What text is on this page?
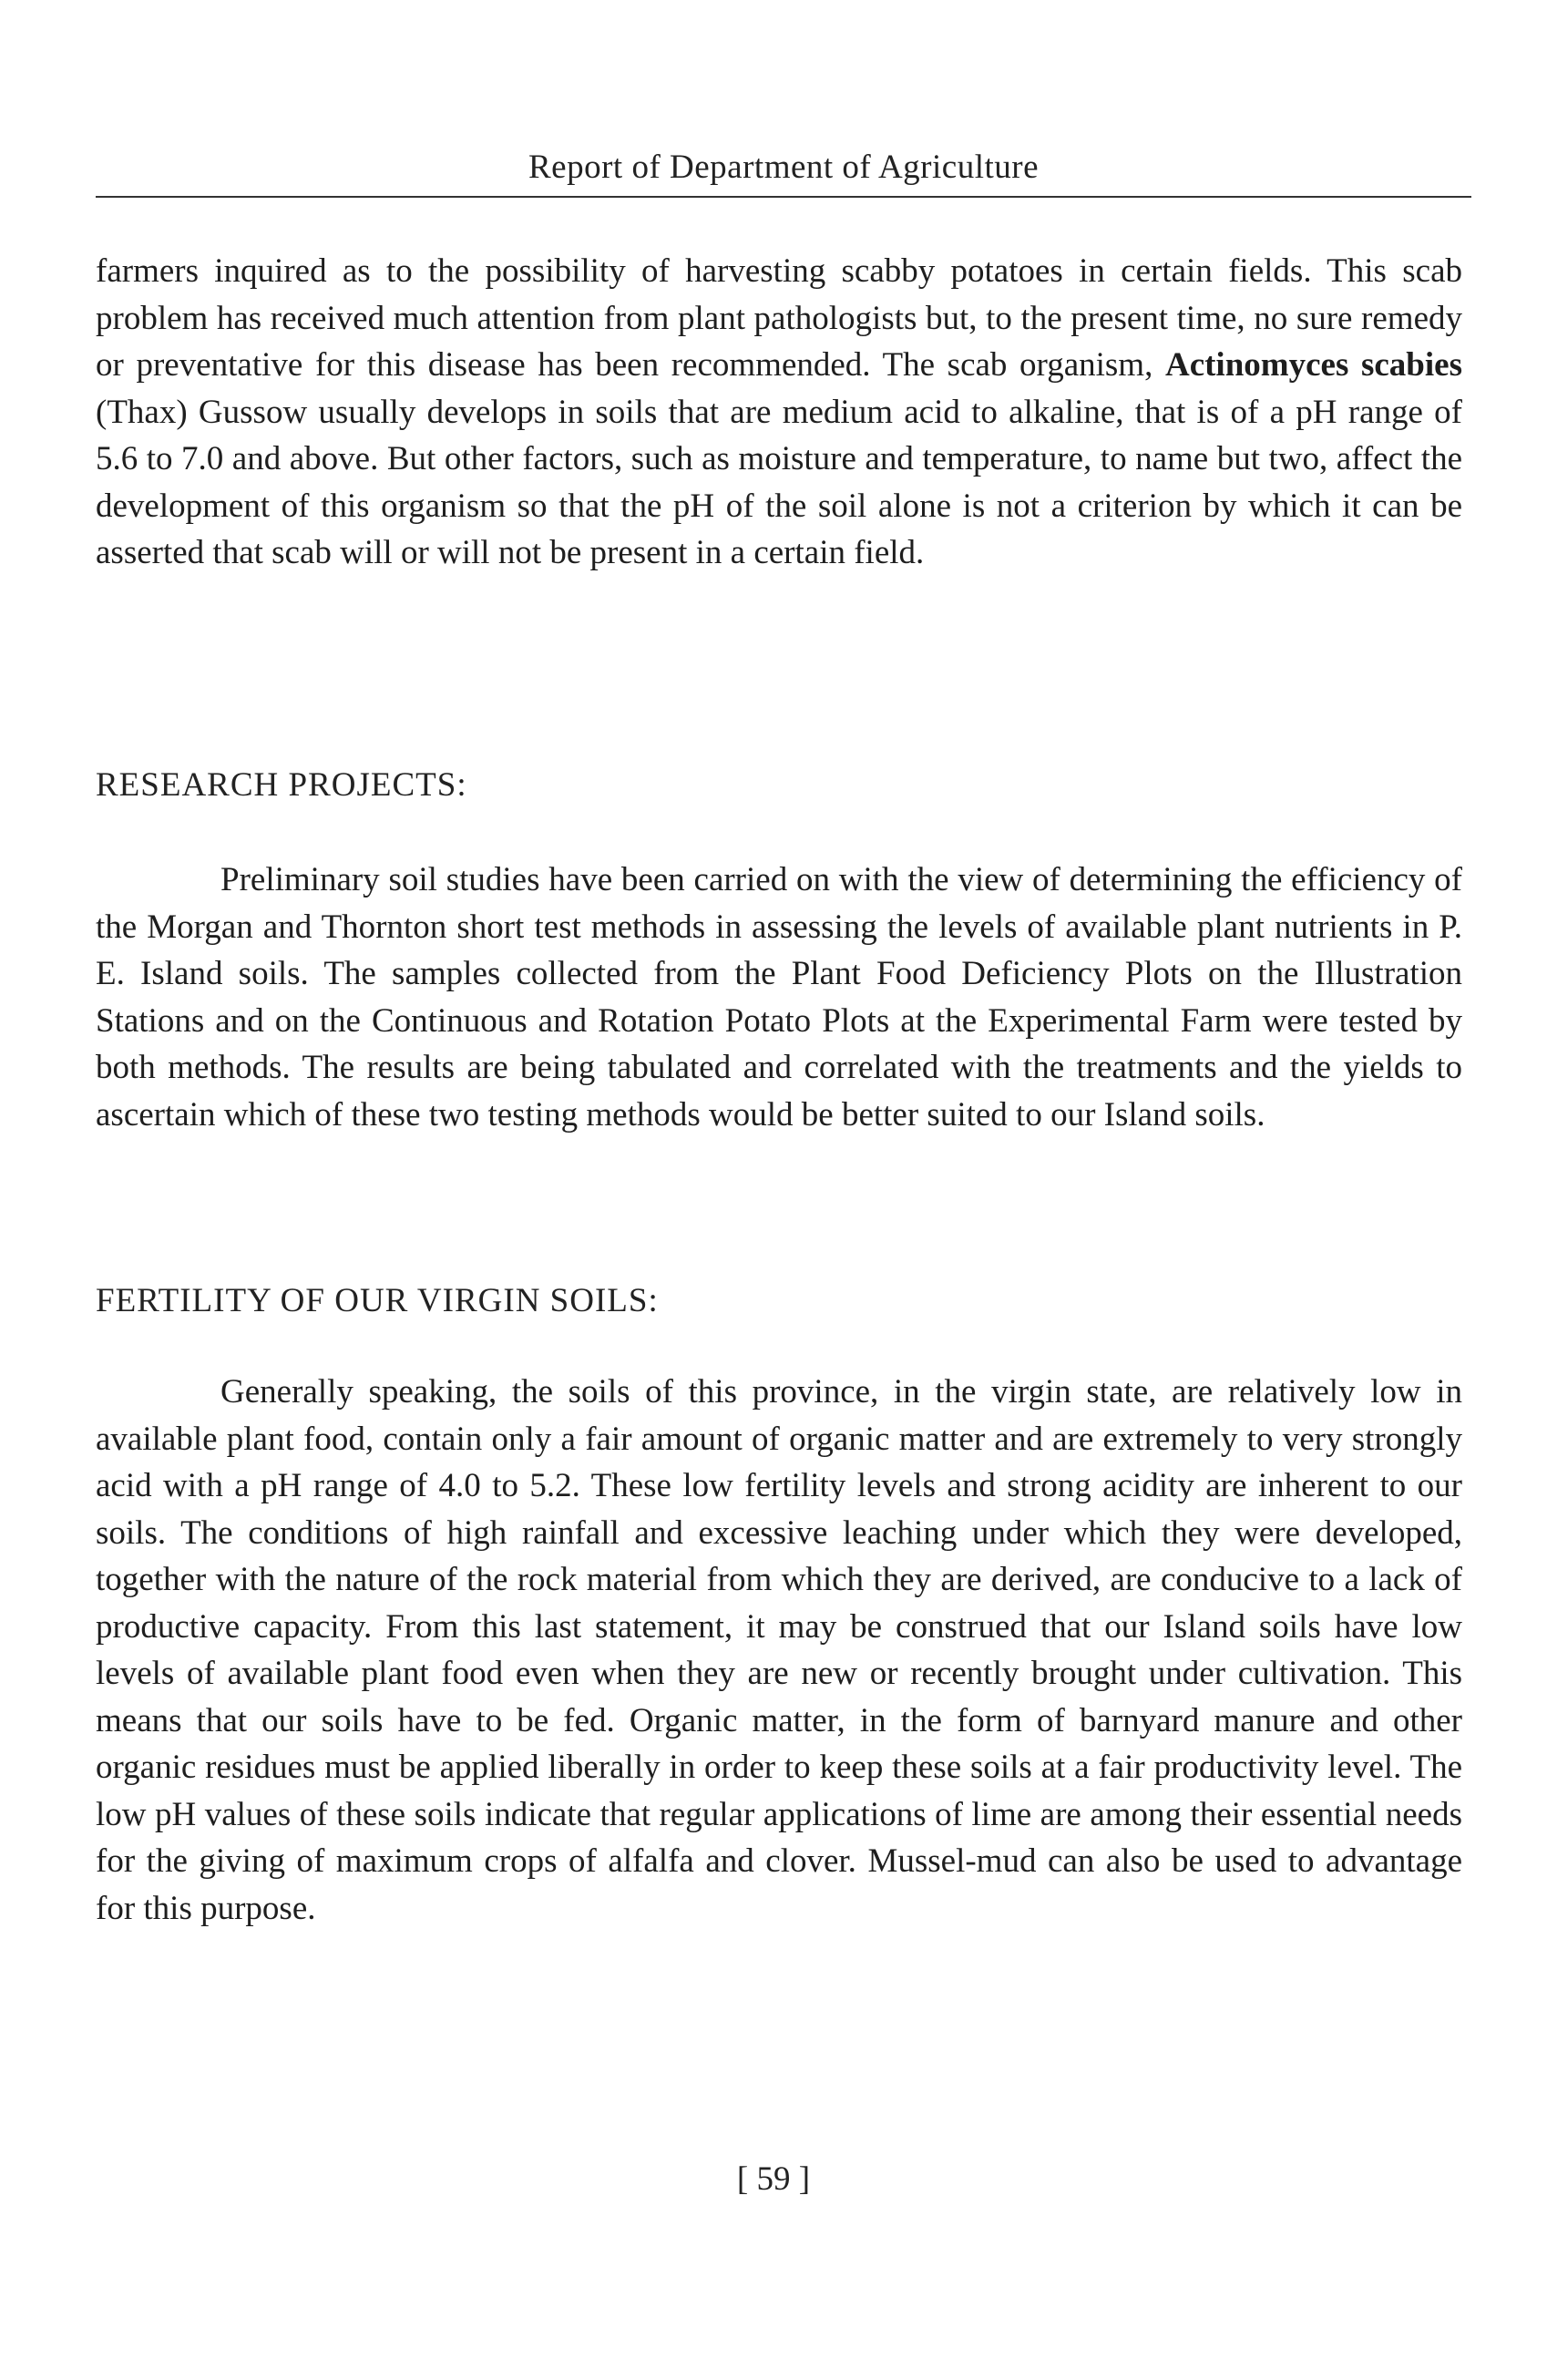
Report of Department of Agriculture

farmers inquired as to the possibility of harvesting scabby potatoes in certain fields. This scab problem has received much attention from plant pathologists but, to the present time, no sure remedy or preventative for this disease has been recommended. The scab organism, Actinomyces scabies (Thax) Gussow usually develops in soils that are medium acid to alkaline, that is of a pH range of 5.6 to 7.0 and above. But other factors, such as moisture and temperature, to name but two, affect the development of this organism so that the pH of the soil alone is not a criterion by which it can be asserted that scab will or will not be present in a certain field.

RESEARCH PROJECTS:

Preliminary soil studies have been carried on with the view of determining the efficiency of the Morgan and Thornton short test methods in assessing the levels of available plant nutrients in P. E. Island soils. The samples collected from the Plant Food Deficiency Plots on the Illustration Stations and on the Continuous and Rotation Potato Plots at the Experimental Farm were tested by both methods. The results are being tabulated and correlated with the treatments and the yields to ascertain which of these two testing methods would be better suited to our Island soils.

FERTILITY OF OUR VIRGIN SOILS:

Generally speaking, the soils of this province, in the virgin state, are relatively low in available plant food, contain only a fair amount of organic matter and are extremely to very strongly acid with a pH range of 4.0 to 5.2. These low fertility levels and strong acidity are inherent to our soils. The conditions of high rainfall and excessive leaching under which they were developed, together with the nature of the rock material from which they are derived, are conducive to a lack of productive capacity. From this last statement, it may be construed that our Island soils have low levels of available plant food even when they are new or recently brought under cultivation. This means that our soils have to be fed. Organic matter, in the form of barnyard manure and other organic residues must be applied liberally in order to keep these soils at a fair productivity level. The low pH values of these soils indicate that regular applications of lime are among their essential needs for the giving of maximum crops of alfalfa and clover. Mussel-mud can also be used to advantage for this purpose.

[ 59 ]
